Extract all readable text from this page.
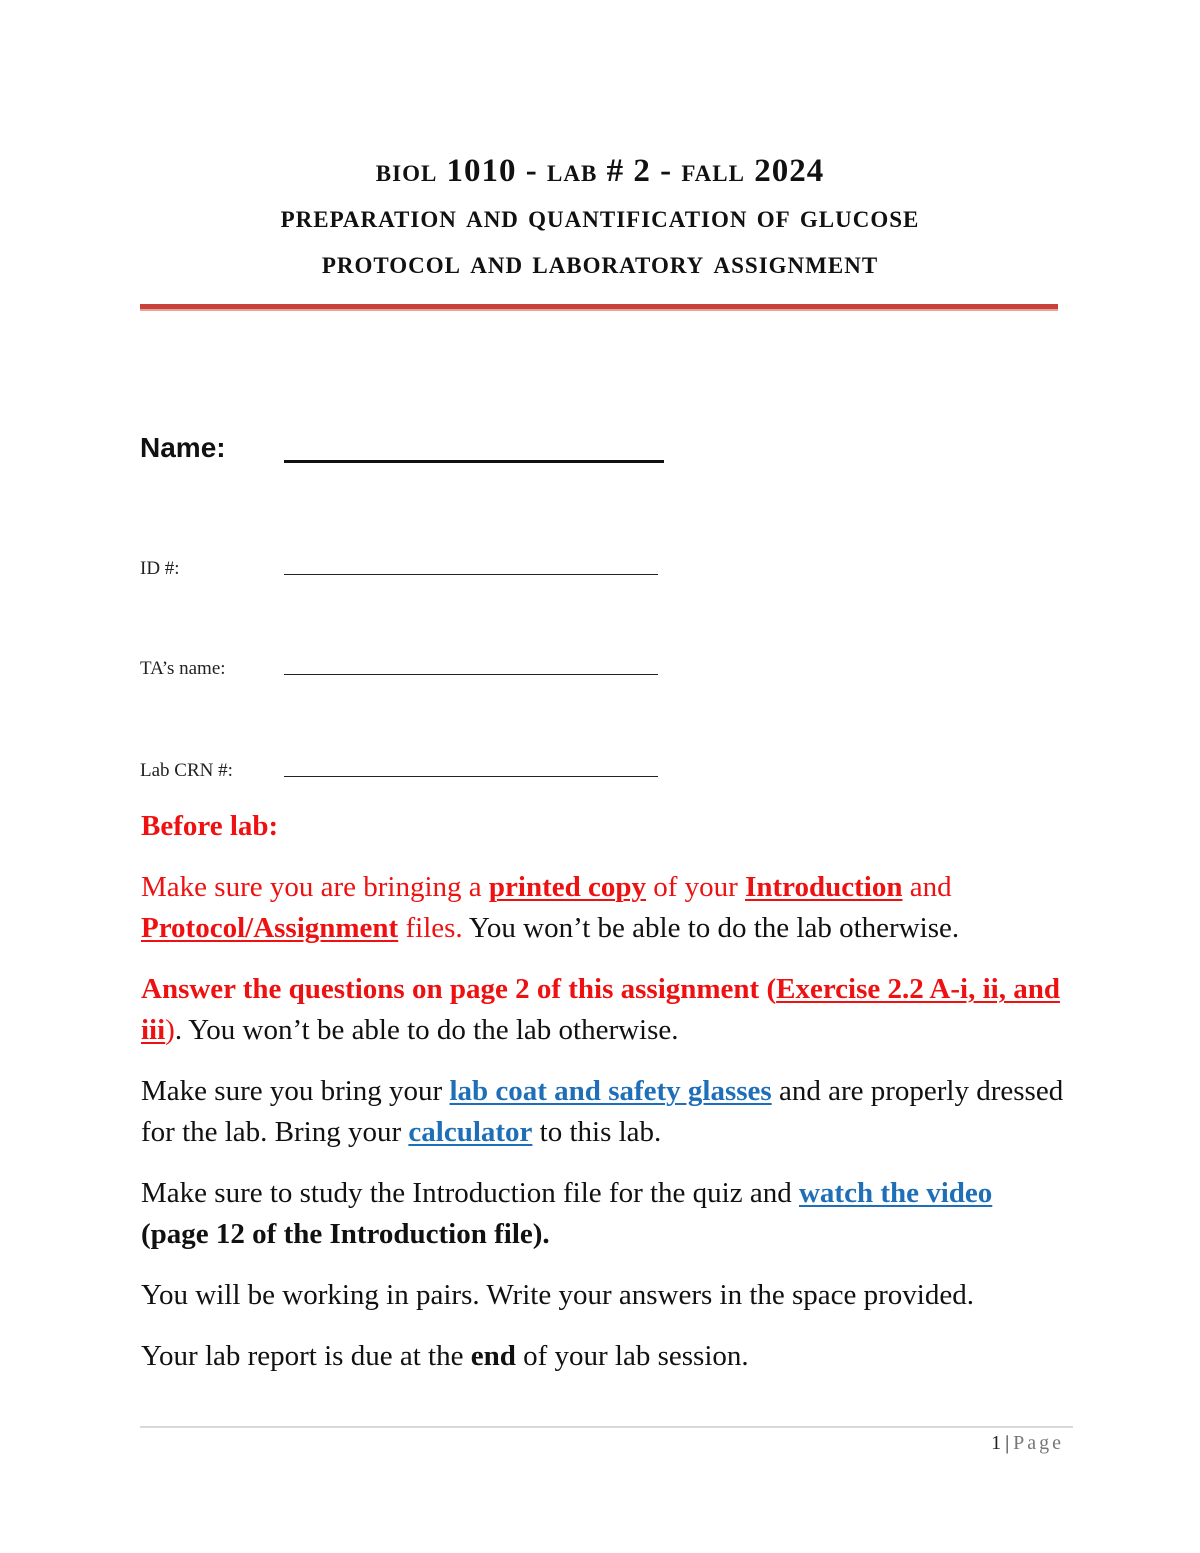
biol 1010 - lab # 2 - fall 2024
preparation and quantification of glucose
protocol and laboratory assignment
Name:
ID #:
TA’s name:
Lab CRN #:

Before lab:

Make sure you are bringing a printed copy of your Introduction and Protocol/Assignment files. You won’t be able to do the lab otherwise.

Answer the questions on page 2 of this assignment (Exercise 2.2 A-i, ii, and iii). You won’t be able to do the lab otherwise.

Make sure you bring your lab coat and safety glasses and are properly dressed for the lab. Bring your calculator to this lab.

Make sure to study the Introduction file for the quiz and watch the video
(page 12 of the Introduction file).

You will be working in pairs. Write your answers in the space provided.

Your lab report is due at the end of your lab session.

1 | Page
